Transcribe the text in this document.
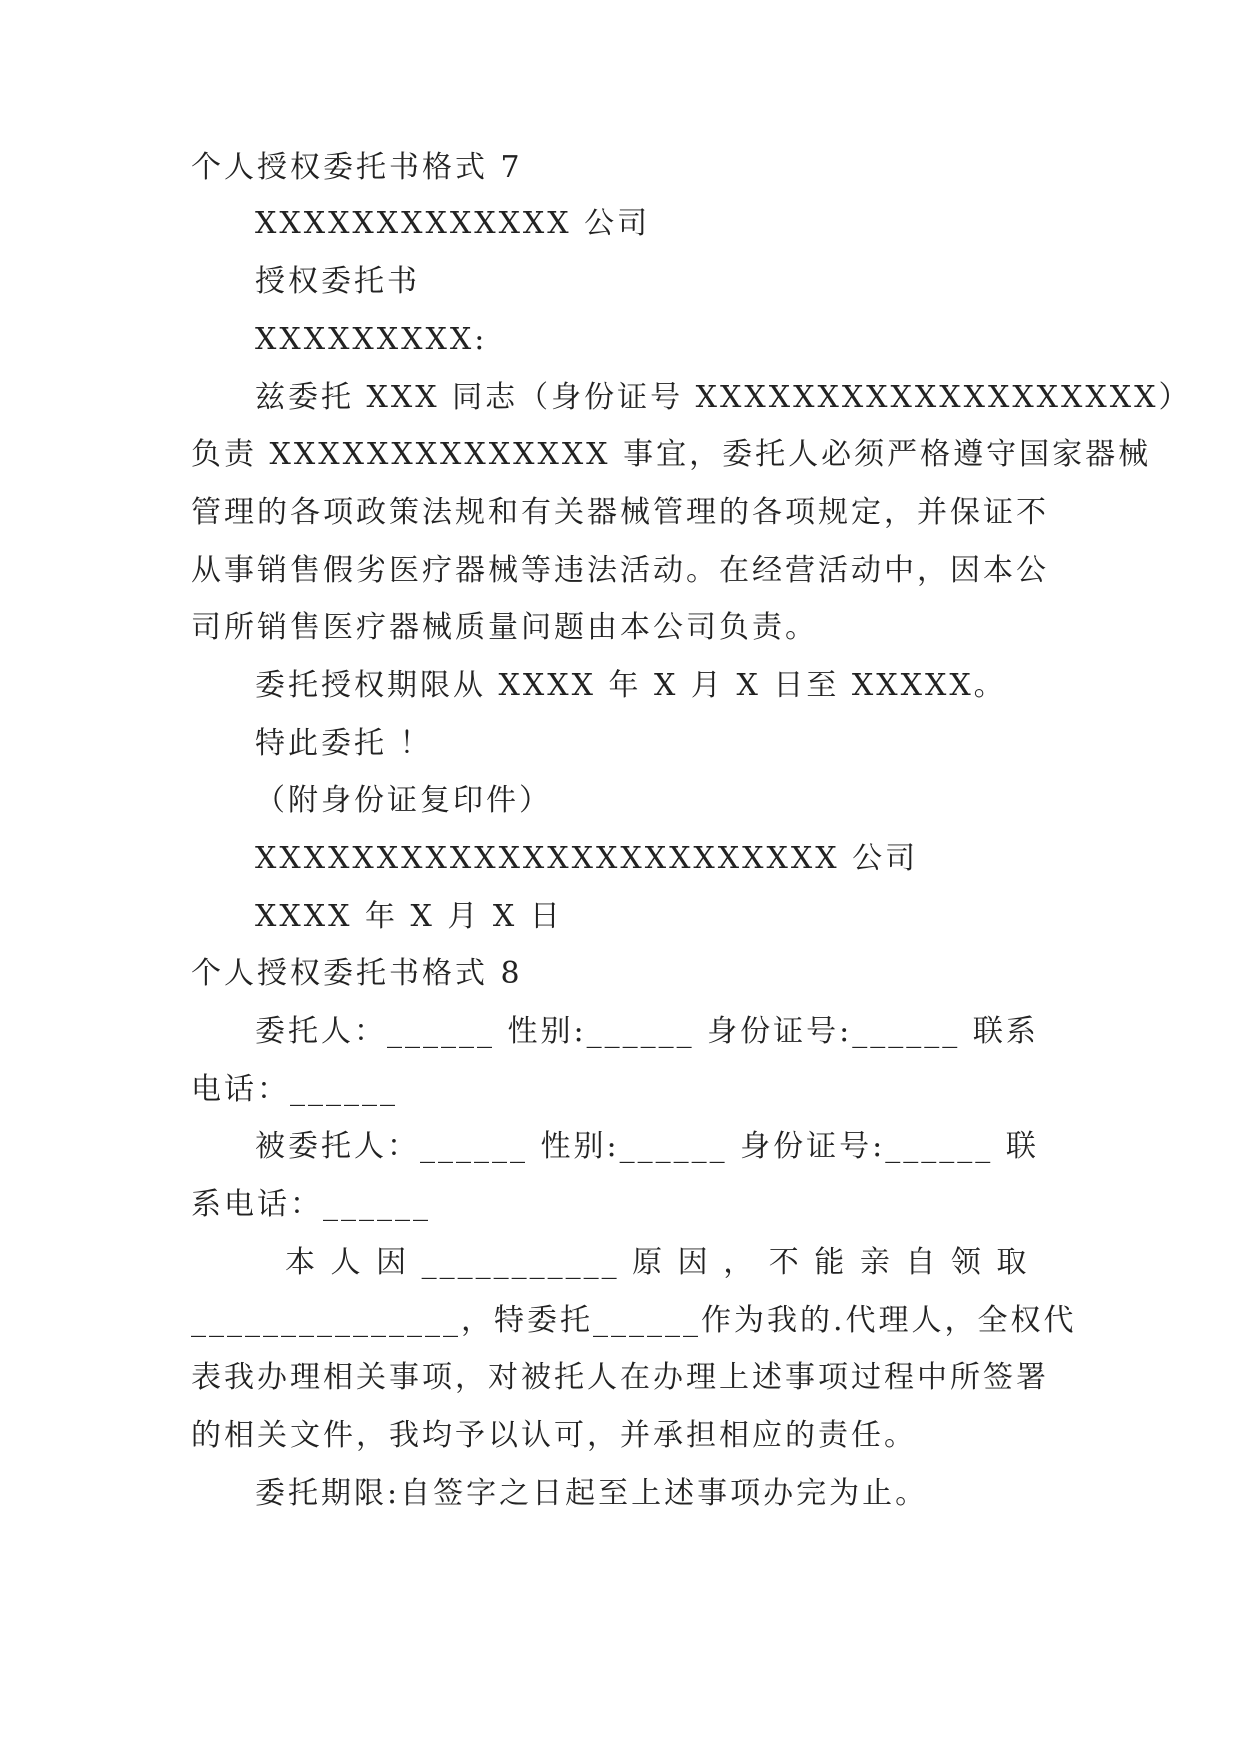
个人授权委托书格式 7
XXXXXXXXXXXXX 公司
授权委托书
XXXXXXXXX:
兹委托 XXX 同志（身份证号 XXXXXXXXXXXXXXXXXXX）
负责 XXXXXXXXXXXXXX 事宜，委托人必须严格遵守国家器械
管理的各项政策法规和有关器械管理的各项规定，并保证不
从事销售假劣医疗器械等违法活动。在经营活动中，因本公
司所销售医疗器械质量问题由本公司负责。
委托授权期限从 XXXX 年 X 月 X 日至 XXXXX。
特此委托 ！
（附身份证复印件）
XXXXXXXXXXXXXXXXXXXXXXXX 公司
XXXX 年 X 月 X 日
个人授权委托书格式 8
委托人：______ 性别:______ 身份证号:______ 联系
电话：______
被委托人：______ 性别:______ 身份证号:______ 联
系电话：______
本 人 因 ___________ 原 因 ， 不 能 亲 自 领 取
_______________，特委托______作为我的.代理人，全权代
表我办理相关事项，对被托人在办理上述事项过程中所签署
的相关文件，我均予以认可，并承担相应的责任。
委托期限:自签字之日起至上述事项办完为止。
